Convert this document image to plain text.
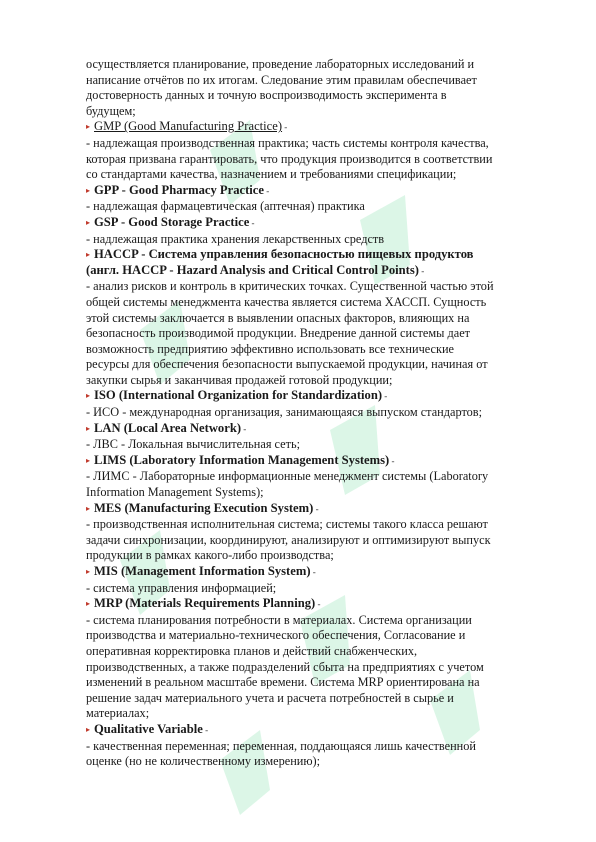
осуществляется планирование, проведение лабораторных исследований и

написание отчётов по их итогам. Следование этим правилам обеспечивает

достоверность данных и точную воспроизводимость эксперимента в

будущем;

▸ GMP (Good Manufacturing Practice) -

- надлежащая производственная практика; часть системы контроля качества,

которая призвана гарантировать, что продукция производится в соответствии

со стандартами качества, назначением и требованиями спецификации;

▸ GPP - Good Pharmacy Practice -

- надлежащая фармацевтическая (аптечная) практика

▸ GSP - Good Storage Practice -

- надлежащая практика хранения лекарственных средств

▸ HACCP - Система управления безопасностью пищевых продуктов

(англ. HACCP - Hazard Analysis and Critical Control Points) -

- анализ рисков и контроль в критических точках. Существенной частью этой

общей системы менеджмента качества является система ХАССП. Сущность

этой системы заключается в выявлении опасных факторов, влияющих на

безопасность производимой продукции. Внедрение данной системы дает

возможность предприятию эффективно использовать все технические

ресурсы для обеспечения безопасности выпускаемой продукции, начиная от

закупки сырья и заканчивая продажей готовой продукции;

▸ ISO (International Organization for Standardization) -

- ИСО - международная организация, занимающаяся выпуском стандартов;

▸ LAN (Local Area Network) -

- ЛВС - Локальная вычислительная сеть;

▸ LIMS (Laboratory Information Management Systems) -

- ЛИМС - Лабораторные информационные менеджмент системы (Laboratory

Information Management Systems);

▸ MES (Manufacturing Execution System) -

- производственная исполнительная система; системы такого класса решают

задачи синхронизации, координируют, анализируют и оптимизируют выпуск

продукции в рамках какого-либо производства;

▸ MIS (Management Information System) -

- система управления информацией;

▸ MRP (Materials Requirements Planning) -

- система планирования потребности в материалах. Система организации

производства и материально-технического обеспечения, Согласование и

оперативная корректировка планов и действий снабженческих,

производственных, а также подразделений сбыта на предприятиях с учетом

изменений в реальном масштабе времени. Система MRP ориентирована на

решение задач материального учета и расчета потребностей в сырье и

материалах;

▸ Qualitative Variable -

- качественная переменная; переменная, поддающаяся лишь качественной

оценке (но не количественному измерению);
